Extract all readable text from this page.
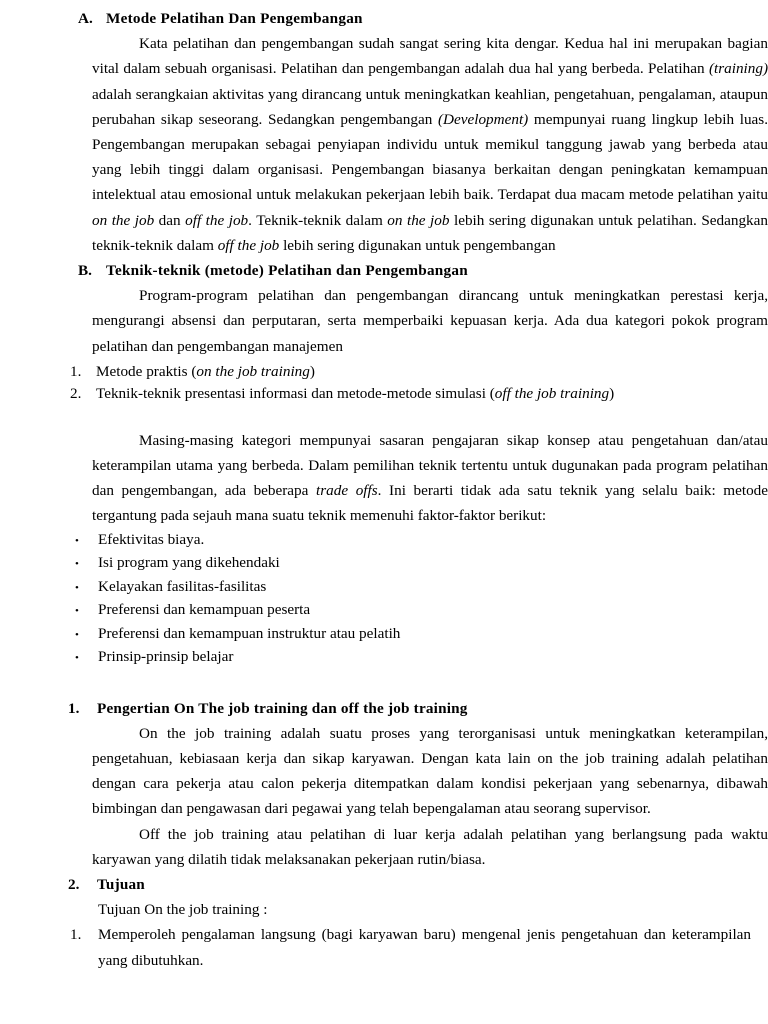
A. Metode Pelatihan Dan Pengembangan

Kata pelatihan dan pengembangan sudah sangat sering kita dengar. Kedua hal ini merupakan bagian vital dalam sebuah organisasi. Pelatihan dan pengembangan adalah dua hal yang berbeda. Pelatihan (training) adalah serangkaian aktivitas yang dirancang untuk meningkatkan keahlian, pengetahuan, pengalaman, ataupun perubahan sikap seseorang. Sedangkan pengembangan (Development) mempunyai ruang lingkup lebih luas. Pengembangan merupakan sebagai penyiapan individu untuk memikul tanggung jawab yang berbeda atau yang lebih tinggi dalam organisasi. Pengembangan biasanya berkaitan dengan peningkatan kemampuan intelektual atau emosional untuk melakukan pekerjaan lebih baik. Terdapat dua macam metode pelatihan yaitu on the job dan off the job. Teknik-teknik dalam on the job lebih sering digunakan untuk pelatihan. Sedangkan teknik-teknik dalam off the job lebih sering digunakan untuk pengembangan

B. Teknik-teknik (metode) Pelatihan dan Pengembangan

Program-program pelatihan dan pengembangan dirancang untuk meningkatkan perestasi kerja, mengurangi absensi dan perputaran, serta memperbaiki kepuasan kerja. Ada dua kategori pokok program pelatihan dan pengembangan manajemen

1. Metode praktis (on the job training)
2. Teknik-teknik presentasi informasi dan metode-metode simulasi (off the job training)

Masing-masing kategori mempunyai sasaran pengajaran sikap konsep atau pengetahuan dan/atau keterampilan utama yang berbeda. Dalam pemilihan teknik tertentu untuk dugunakan pada program pelatihan dan pengembangan, ada beberapa trade offs. Ini berarti tidak ada satu teknik yang selalu baik: metode tergantung pada sejauh mana suatu teknik memenuhi faktor-faktor berikut:

•	Efektivitas biaya.
•	Isi program yang dikehendaki
•	Kelayakan fasilitas-fasilitas
•	Preferensi dan kemampuan peserta
•	Preferensi dan kemampuan instruktur atau pelatih
•	Prinsip-prinsip belajar
1.	Pengertian On The job training dan off the job training

On the job training adalah suatu proses yang terorganisasi untuk meningkatkan keterampilan, pengetahuan, kebiasaan kerja dan sikap karyawan. Dengan kata lain on the job training adalah pelatihan dengan cara pekerja atau calon pekerja ditempatkan dalam kondisi pekerjaan yang sebenarnya, dibawah bimbingan dan pengawasan dari pegawai yang telah bepengalaman atau seorang supervisor.

Off the job training atau pelatihan di luar kerja adalah pelatihan yang berlangsung pada waktu karyawan yang dilatih tidak melaksanakan pekerjaan rutin/biasa.

2.	Tujuan
Tujuan On the job training :
1.	Memperoleh pengalaman langsung (bagi karyawan baru) mengenal jenis pengetahuan dan keterampilan yang dibutuhkan.
